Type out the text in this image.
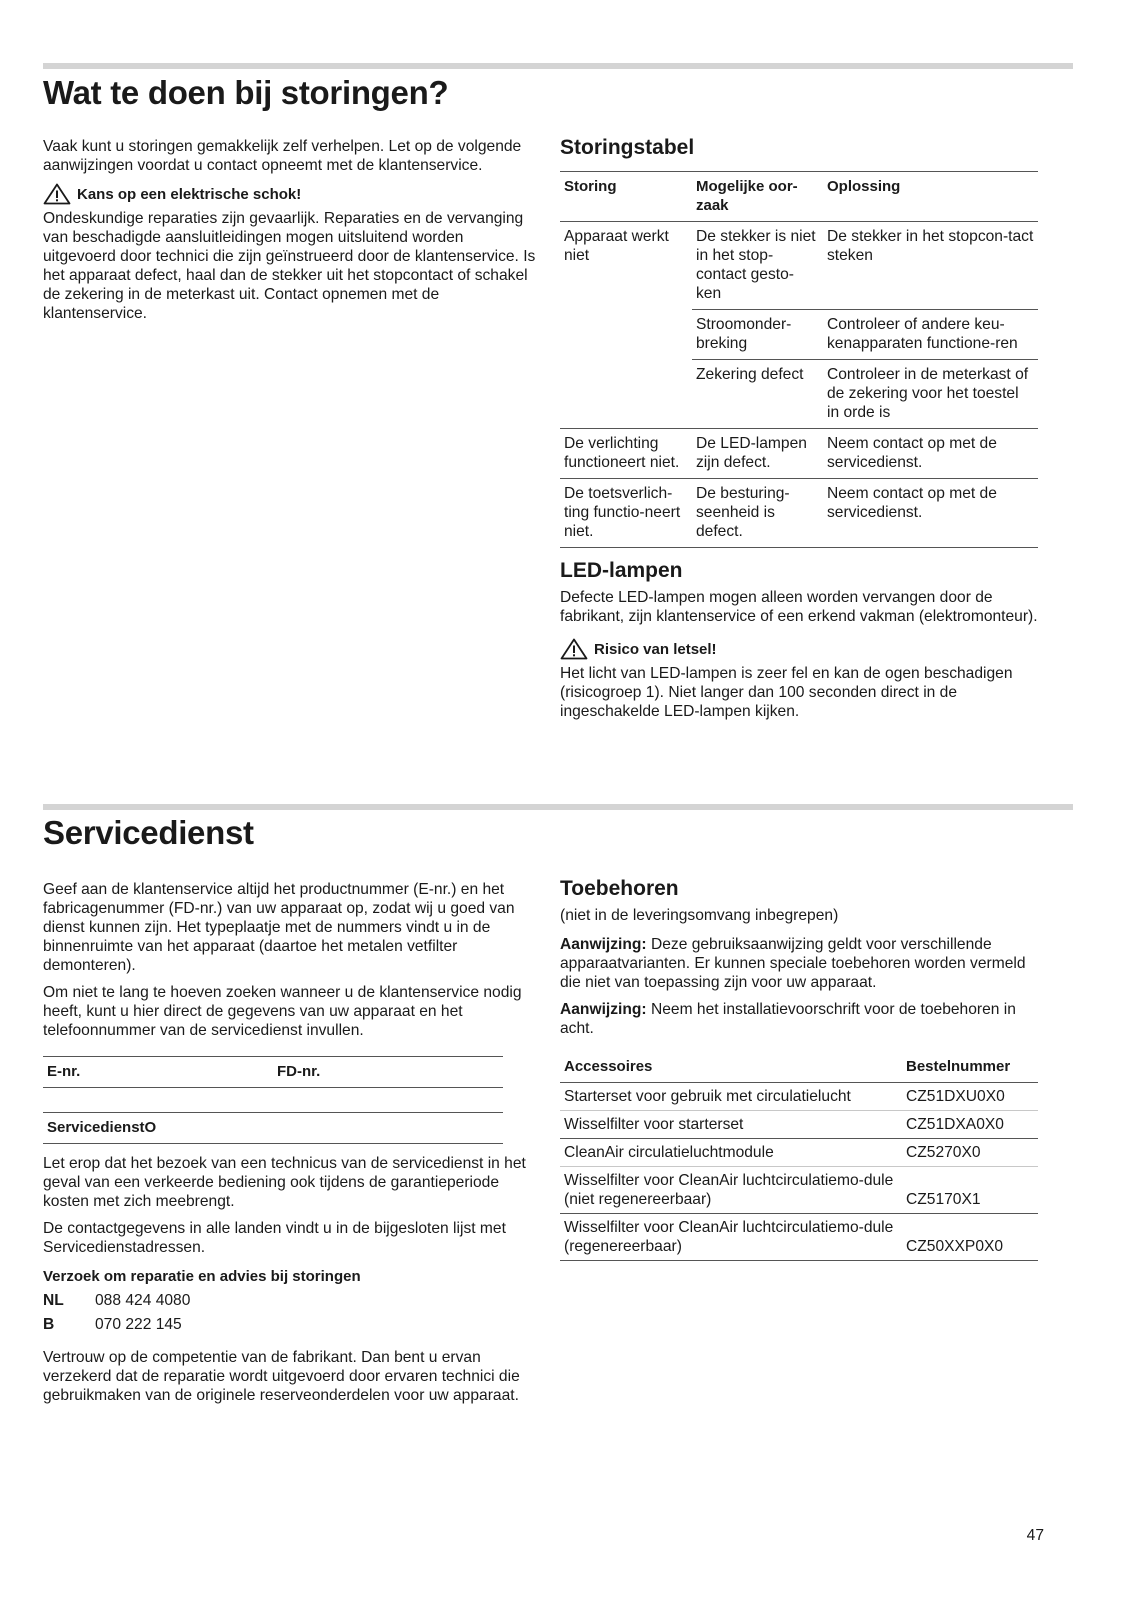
Wat te doen bij storingen?

Vaak kunt u storingen gemakkelijk zelf verhelpen. Let op de volgende aanwijzingen voordat u contact opneemt met de klantenservice.

Kans op een elektrische schok!

Ondeskundige reparaties zijn gevaarlijk. Reparaties en de vervanging van beschadigde aansluitleidingen mogen uitsluitend worden uitgevoerd door technici die zijn geïnstrueerd door de klantenservice. Is het apparaat defect, haal dan de stekker uit het stopcontact of schakel de zekering in de meterkast uit. Contact opnemen met de klantenservice.

Storingstabel
Storing	Mogelijke oor-zaak	Oplossing
Apparaat werkt niet	De stekker is niet in het stop-contact gesto-ken	De stekker in het stopcon-tact steken
	Stroomonder-breking	Controleer of andere keu-kenapparaten functione-ren
	Zekering defect	Controleer in de meterkast of de zekering voor het toestel in orde is
De verlichting functioneert niet.	De LED-lampen zijn defect.	Neem contact op met de servicedienst.
De toetsverlich-ting functio-neert niet.	De besturing-seenheid is defect.	Neem contact op met de servicedienst.
LED-lampen

Defecte LED-lampen mogen alleen worden vervangen door de fabrikant, zijn klantenservice of een erkend vakman (elektromonteur).

Risico van letsel!

Het licht van LED-lampen is zeer fel en kan de ogen beschadigen (risicogroep 1). Niet langer dan 100 seconden direct in de ingeschakelde LED-lampen kijken.

Servicedienst

Geef aan de klantenservice altijd het productnummer (E-nr.) en het fabricagenummer (FD-nr.) van uw apparaat op, zodat wij u goed van dienst kunnen zijn. Het typeplaatje met de nummers vindt u in de binnenruimte van het apparaat (daartoe het metalen vetfilter demonteren).

Om niet te lang te hoeven zoeken wanneer u de klantenservice nodig heeft, kunt u hier direct de gegevens van uw apparaat en het telefoonnummer van de servicedienst invullen.

E-nr.	FD-nr.
ServicedienstO

Let erop dat het bezoek van een technicus van de servicedienst in het geval van een verkeerde bediening ook tijdens de garantieperiode kosten met zich meebrengt.

De contactgegevens in alle landen vindt u in de bijgesloten lijst met Servicedienstadressen.

Verzoek om reparatie en advies bij storingen

NL	088 424 4080
B	070 222 145

Vertrouw op de competentie van de fabrikant. Dan bent u ervan verzekerd dat de reparatie wordt uitgevoerd door ervaren technici die gebruikmaken van de originele reserveonderdelen voor uw apparaat.

Toebehoren

(niet in de leveringsomvang inbegrepen)

Aanwijzing: Deze gebruiksaanwijzing geldt voor verschillende apparaatvarianten. Er kunnen speciale toebehoren worden vermeld die niet van toepassing zijn voor uw apparaat.

Aanwijzing: Neem het installatievoorschrift voor de toebehoren in acht.

Accessoires	Bestelnummer
Starterset voor gebruik met circulatielucht	CZ51DXU0X0
Wisselfilter voor starterset	CZ51DXA0X0
CleanAir circulatieluchtmodule	CZ5270X0
Wisselfilter voor CleanAir luchtcirculatiemo-dule (niet regenereerbaar)	CZ5170X1
Wisselfilter voor CleanAir luchtcirculatiemo-dule (regenereerbaar)	CZ50XXP0X0
47
